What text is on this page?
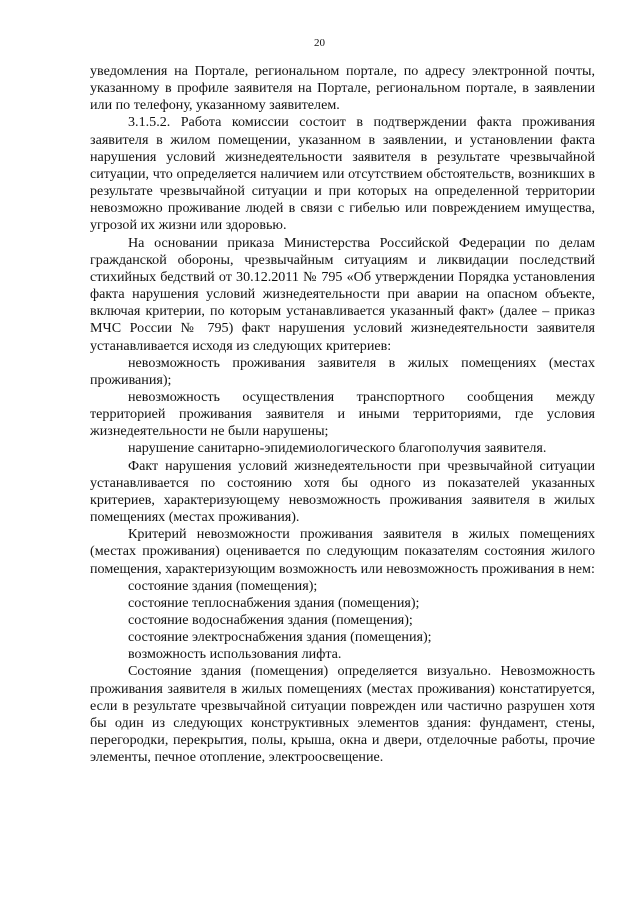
20

уведомления на Портале, региональном портале, по адресу электронной почты, указанному в профиле заявителя на Портале, региональном портале, в заявлении или по телефону, указанному заявителем.

3.1.5.2. Работа комиссии состоит в подтверждении факта проживания заявителя в жилом помещении, указанном в заявлении, и установлении факта нарушения условий жизнедеятельности заявителя в результате чрезвычайной ситуации, что определяется наличием или отсутствием обстоятельств, возникших в результате чрезвычайной ситуации и при которых на определенной территории невозможно проживание людей в связи с гибелью или повреждением имущества, угрозой их жизни или здоровью.

На основании приказа Министерства Российской Федерации по делам гражданской обороны, чрезвычайным ситуациям и ликвидации последствий стихийных бедствий от 30.12.2011 № 795 «Об утверждении Порядка установления факта нарушения условий жизнедеятельности при аварии на опасном объекте, включая критерии, по которым устанавливается указанный факт» (далее – приказ МЧС России № 795) факт нарушения условий жизнедеятельности заявителя устанавливается исходя из следующих критериев:

невозможность проживания заявителя в жилых помещениях (местах проживания);

невозможность осуществления транспортного сообщения между территорией проживания заявителя и иными территориями, где условия жизнедеятельности не были нарушены;

нарушение санитарно-эпидемиологического благополучия заявителя.

Факт нарушения условий жизнедеятельности при чрезвычайной ситуации устанавливается по состоянию хотя бы одного из показателей указанных критериев, характеризующему невозможность проживания заявителя в жилых помещениях (местах проживания).

Критерий невозможности проживания заявителя в жилых помещениях (местах проживания) оценивается по следующим показателям состояния жилого помещения, характеризующим возможность или невозможность проживания в нем:

состояние здания (помещения);

состояние теплоснабжения здания (помещения);

состояние водоснабжения здания (помещения);

состояние электроснабжения здания (помещения);

возможность использования лифта.

Состояние здания (помещения) определяется визуально. Невозможность проживания заявителя в жилых помещениях (местах проживания) констатируется, если в результате чрезвычайной ситуации поврежден или частично разрушен хотя бы один из следующих конструктивных элементов здания: фундамент, стены, перегородки, перекрытия, полы, крыша, окна и двери, отделочные работы, прочие элементы, печное отопление, электроосвещение.
